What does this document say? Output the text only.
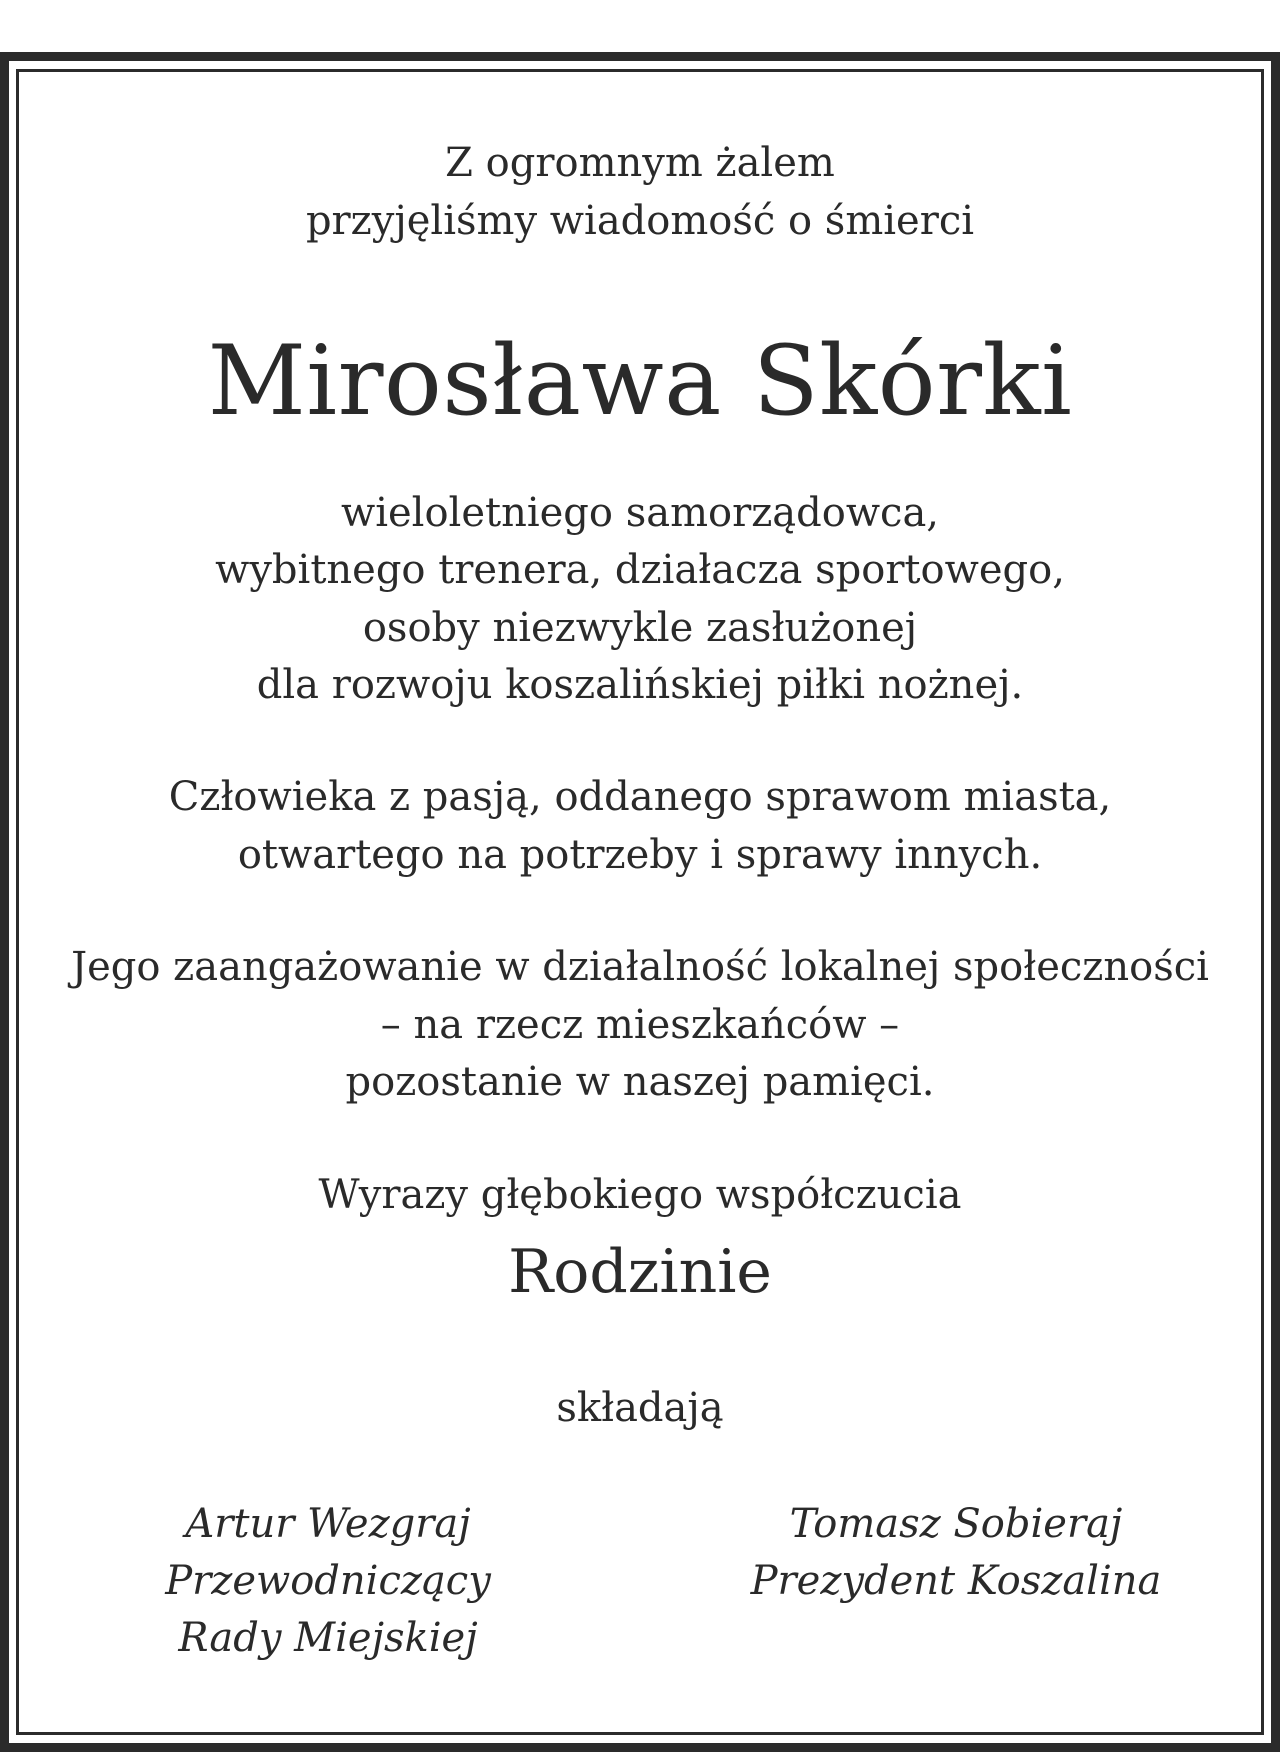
Z ogromnym żalem
przyjęliśmy wiadomość o śmierci
Mirosława Skórki
wieloletniego samorządowca,
wybitnego trenera, działacza sportowego,
osoby niezwykle zasłużonej
dla rozwoju koszalińskiej piłki nożnej.
Człowieka z pasją, oddanego sprawom miasta,
otwartego na potrzeby i sprawy innych.
Jego zaangażowanie w działalność lokalnej społeczności
– na rzecz mieszkańców –
pozostanie w naszej pamięci.
Wyrazy głębokiego współczucia
Rodzinie
składają
Artur Wezgraj
Przewodniczący
Rady Miejskiej
Tomasz Sobieraj
Prezydent Koszalina
